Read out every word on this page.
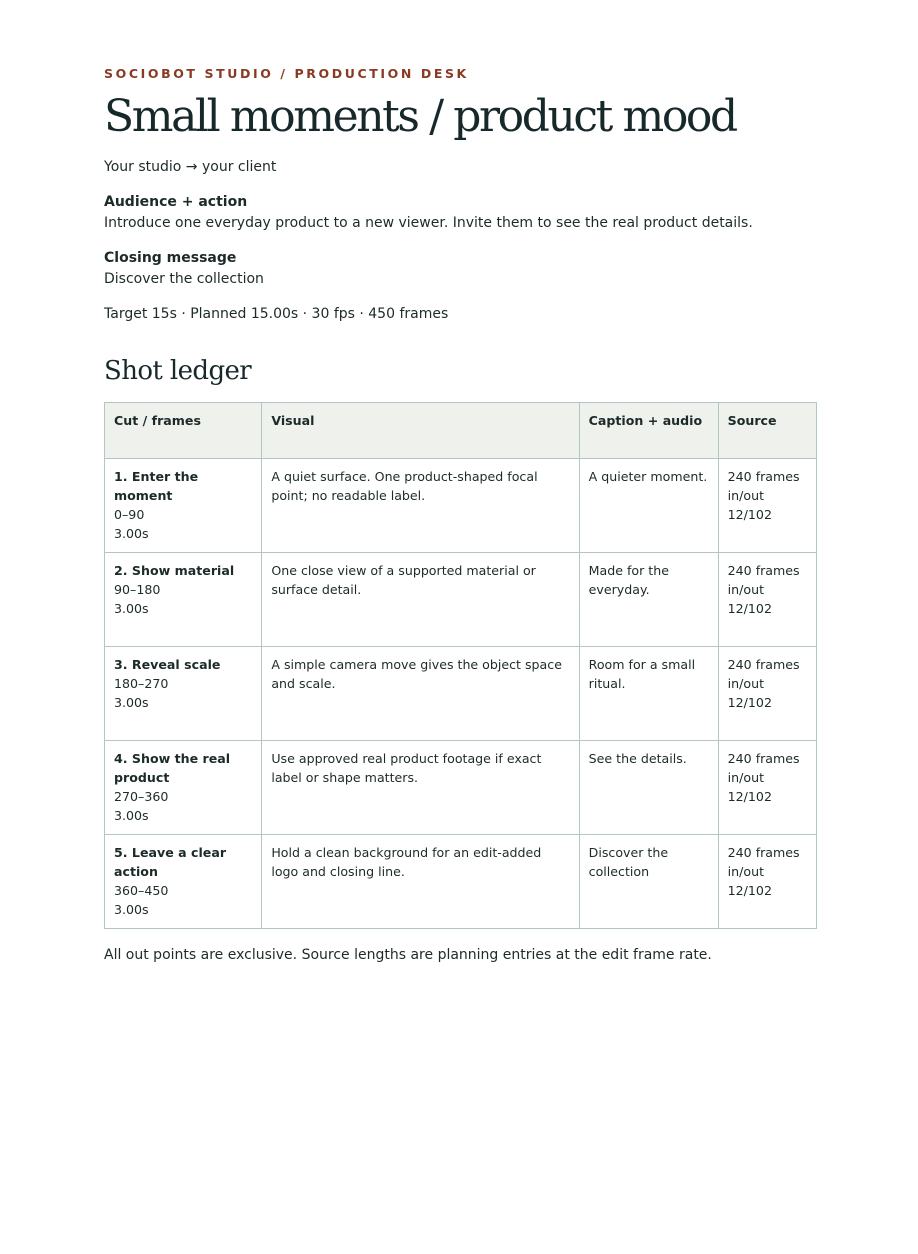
SOCIOBOT STUDIO / PRODUCTION DESK
Small moments / product mood
Your studio → your client
Audience + action
Introduce one everyday product to a new viewer. Invite them to see the real product details.
Closing message
Discover the collection
Target 15s · Planned 15.00s · 30 fps · 450 frames
Shot ledger
Cut / frames	Visual	Caption + audio	Source

1. Enter the moment
0–90
3.00s	A quiet surface. One product-shaped focal point; no readable label.	A quieter moment.	240 frames in/out 12/102

2. Show material
90–180
3.00s	One close view of a supported material or surface detail.	Made for the everyday.	240 frames in/out 12/102

3. Reveal scale
180–270
3.00s	A simple camera move gives the object space and scale.	Room for a small ritual.	240 frames in/out 12/102

4. Show the real product
270–360
3.00s	Use approved real product footage if exact label or shape matters.	See the details.	240 frames in/out 12/102

5. Leave a clear action
360–450
3.00s	Hold a clean background for an edit-added logo and closing line.	Discover the collection	240 frames in/out 12/102
All out points are exclusive. Source lengths are planning entries at the edit frame rate.
